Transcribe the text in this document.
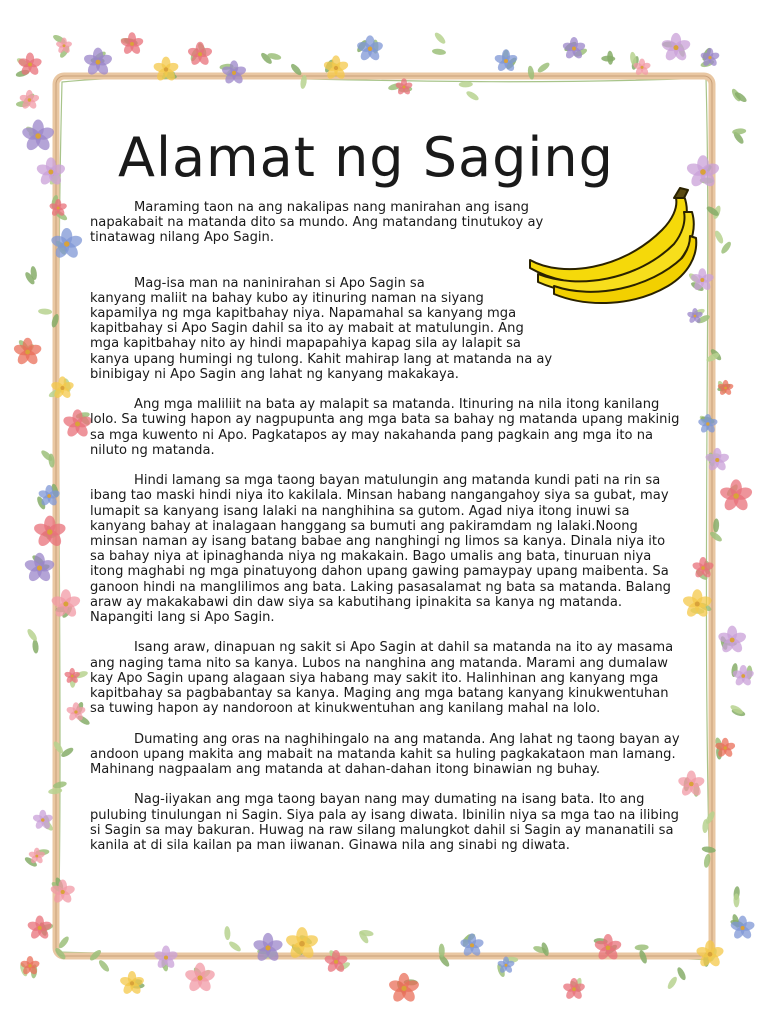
Alamat ng Saging

Maraming taon na ang nakalipas nang manirahan ang isang napakabait na matanda dito sa mundo. Ang matandang tinutukoy ay tinatawag nilang Apo Sagin.

Mag-isa man na naninirahan si Apo Sagin sa
kanyang maliit na bahay kubo ay itinuring naman na siyang kapamilya ng mga kapitbahay niya. Napamahal sa kanyang mga kapitbahay si Apo Sagin dahil sa ito ay mabait at matulungin. Ang mga kapitbahay nito ay hindi mapapahiya kapag sila ay lalapit sa kanya upang humingi ng tulong. Kahit mahirap lang at matanda na ay binibigay ni Apo Sagin ang lahat ng kanyang makakaya.

Ang mga maliliit na bata ay malapit sa matanda. Itinuring na nila itong kanilang lolo. Sa tuwing hapon ay nagpupunta ang mga bata sa bahay ng matanda upang makinig sa mga kuwento ni Apo. Pagkatapos ay may nakahanda pang pagkain ang mga ito na niluto ng matanda.

Hindi lamang sa mga taong bayan matulungin ang matanda kundi pati na rin sa ibang tao maski hindi niya ito kakilala. Minsan habang nangangahoy siya sa gubat, may lumapit sa kanyang isang lalaki na nanghihina sa gutom. Agad niya itong inuwi sa kanyang bahay at inalagaan hanggang sa bumuti ang pakiramdam ng lalaki.Noong minsan naman ay isang batang babae ang nanghingi ng limos sa kanya. Dinala niya ito sa bahay niya at ipinaghanda niya ng makakain. Bago umalis ang bata, tinuruan niya itong maghabi ng mga pinatuyong dahon upang gawing pamaypay upang maibenta. Sa ganoon hindi na manglilimos ang bata. Laking pasasalamat ng bata sa matanda. Balang araw ay makakabawi din daw siya sa kabutihang ipinakita sa kanya ng matanda. Napangiti lang si Apo Sagin.

Isang araw, dinapuan ng sakit si Apo Sagin at dahil sa matanda na ito ay masama ang naging tama nito sa kanya. Lubos na nanghina ang matanda. Marami ang dumalaw kay Apo Sagin upang alagaan siya habang may sakit ito. Halinhinan ang kanyang mga kapitbahay sa pagbabantay sa kanya. Maging ang mga batang kanyang kinukwentuhan sa tuwing hapon ay nandoroon at kinukwentuhan ang kanilang mahal na lolo.

Dumating ang oras na naghihingalo na ang matanda. Ang lahat ng taong bayan ay andoon upang makita ang mabait na matanda kahit sa huling pagkakataon man lamang. Mahinang nagpaalam ang matanda at dahan-dahan itong binawian ng buhay.

Nag-iiyakan ang mga taong bayan nang may dumating na isang bata. Ito ang pulubing tinulungan ni Sagin. Siya pala ay isang diwata. Ibinilin niya sa mga tao na ilibing si Sagin sa may bakuran. Huwag na raw silang malungkot dahil si Sagin ay mananatili sa kanila at di sila kailan pa man iiwanan. Ginawa nila ang sinabi ng diwata.
